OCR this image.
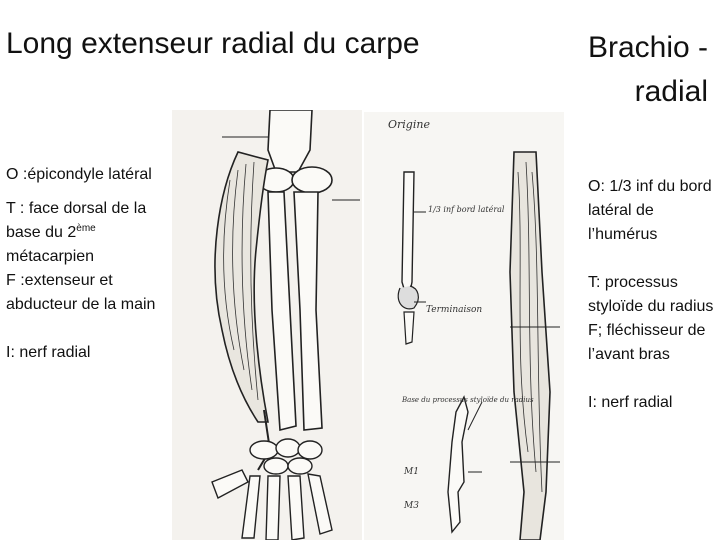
Long extenseur radial du carpe	Brachio -
radial

O :épicondyle latéral

T : face dorsal de la base du 2ème métacarpien
F :extenseur et abducteur de la main

I: nerf radial

O: 1/3 inf du bord latéral de l’humérus

T: processus styloïde du radius
F; fléchisseur de l’avant bras

I: nerf radial

Origine
1/3 inf bord latéral
Terminaison
Base du processus styloïde du radius
M1
M3
